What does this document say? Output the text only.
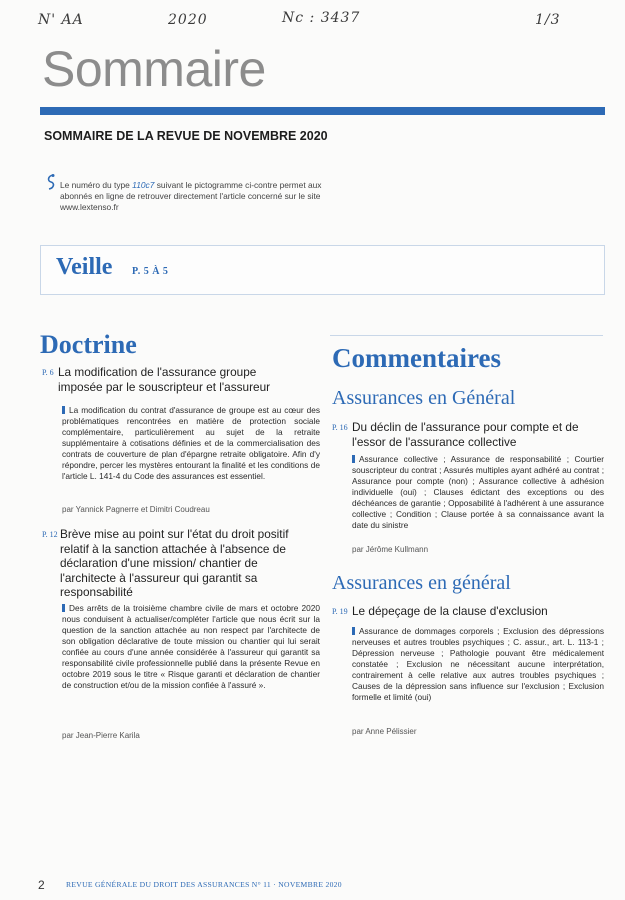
N' AA	2020	Nc : 3437	1/3
Sommaire
SOMMAIRE DE LA REVUE DE NOVEMBRE 2020
Le numéro du type 110c7 suivant le pictogramme ci-contre permet aux abonnés en ligne de retrouver directement l'article concerné sur le site www.lextenso.fr
Veille P. 5 À 5
Doctrine
P. 6 La modification de l'assurance groupe imposée par le souscripteur et l'assureur
La modification du contrat d'assurance de groupe est au cœur des problématiques rencontrées en matière de protection sociale complémentaire, particulièrement au sujet de la retraite supplémentaire à cotisations définies et de la commercialisation des contrats de couverture de plan d'épargne retraite obligatoire. Afin d'y répondre, percer les mystères entourant la finalité et les conditions de l'article L. 141-4 du Code des assurances est essentiel.
par Yannick Pagnerre et Dimitri Coudreau
P. 12 Brève mise au point sur l'état du droit positif relatif à la sanction attachée à l'absence de déclaration d'une mission/ chantier de l'architecte à l'assureur qui garantit sa responsabilité
Des arrêts de la troisième chambre civile de mars et octobre 2020 nous conduisent à actualiser/compléter l'article que nous écrit sur la question de la sanction attachée au non respect par l'architecte de son obligation déclarative de toute mission ou chantier qui lui serait confiée au cours d'une année considérée à l'assureur qui garantit sa responsabilité civile professionnelle publié dans la présente Revue en octobre 2019 sous le titre « Risque garanti et déclaration de chantier de construction et/ou de la mission confiée à l'assuré ».
par Jean-Pierre Karila
Commentaires
Assurances en Général
P. 16 Du déclin de l'assurance pour compte et de l'essor de l'assurance collective
Assurance collective ; Assurance de responsabilité ; Courtier souscripteur du contrat ; Assurés multiples ayant adhéré au contrat ; Assurance pour compte (non) ; Assurance collective à adhésion individuelle (oui) ; Clauses édictant des exceptions ou des déchéances de garantie ; Opposabilité à l'adhérent à une assurance collective ; Condition ; Clause portée à sa connaissance avant la date du sinistre
par Jérôme Kullmann
Assurances en général
P. 19 Le dépeçage de la clause d'exclusion
Assurance de dommages corporels ; Exclusion des dépressions nerveuses et autres troubles psychiques ; C. assur., art. L. 113-1 ; Dépression nerveuse ; Pathologie pouvant être médicalement constatée ; Exclusion ne nécessitant aucune interprétation, contrairement à celle relative aux autres troubles psychiques ; Causes de la dépression sans influence sur l'exclusion ; Exclusion formelle et limité (oui)
par Anne Pélissier
2	REVUE GÉNÉRALE DU DROIT DES ASSURANCES N° 11 · NOVEMBRE 2020
